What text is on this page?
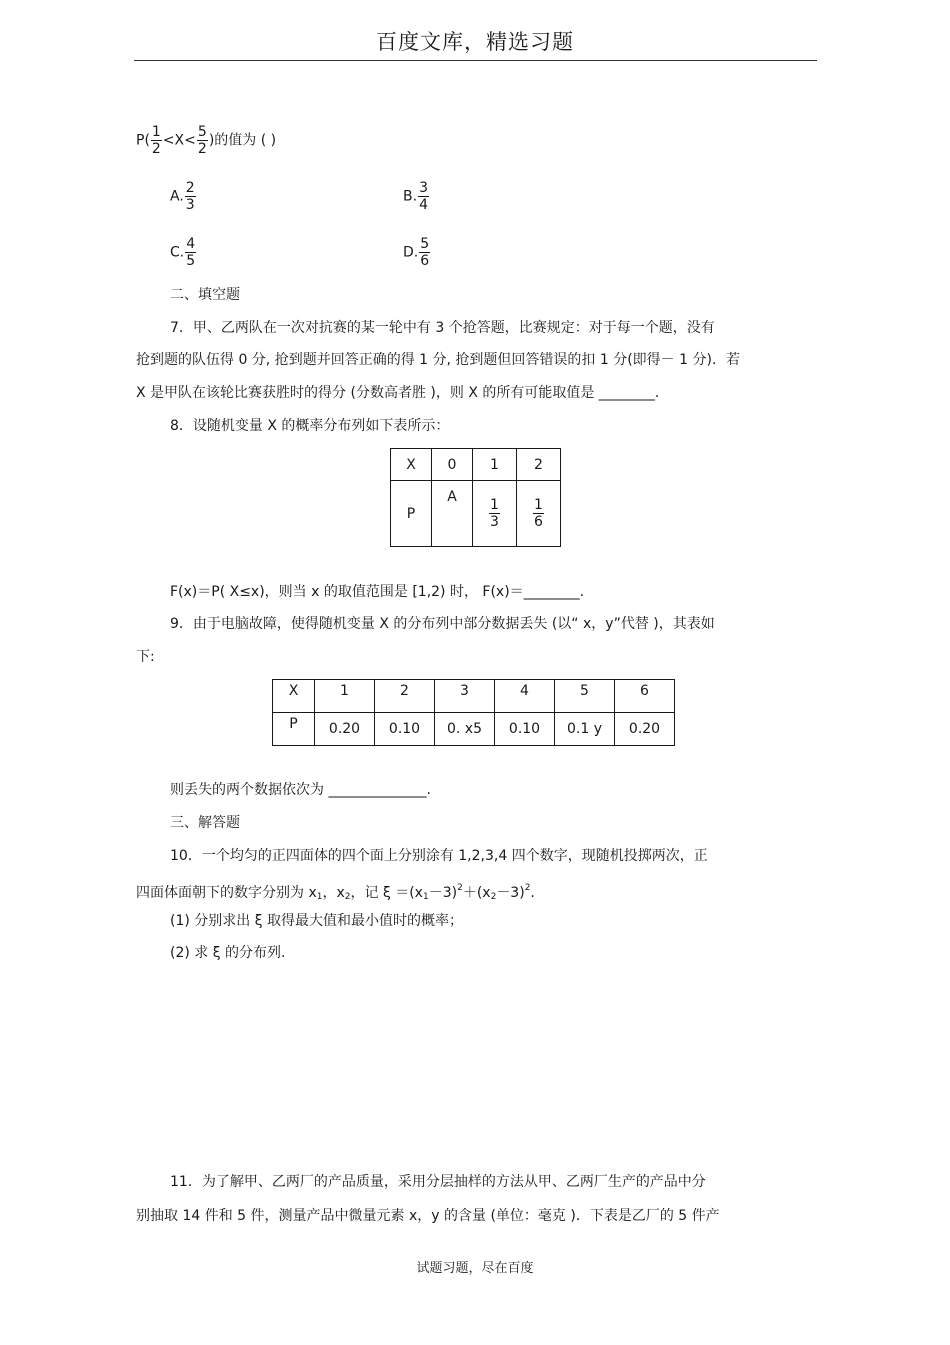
百度文库，精选习题
$P( \frac{1}{2} <X< \frac{5}{2}$ )的值为 ( )
A. $\frac{2}{3}$	B. $\frac{3}{4}$
C. $\frac{4}{5}$	D. $\frac{5}{6}$
二、填空题
7．甲、乙两队在一次对抗赛的某一轮中有 3 个抢答题，比赛规定：对于每一个题，没有
抢到题的队伍得 0 分, 抢到题并回答正确的得 1 分, 抢到题但回答错误的扣 1 分(即得－ 1 分)．若
X 是甲队在该轮比赛获胜时的得分 (分数高者胜 )，则 X 的所有可能取值是 ________.
8．设随机变量 X 的概率分布列如下表所示：
X	0	1	2
P	A	$\frac{1}{3}$	$\frac{1}{6}$
F(x)＝P( X≤x)，则当 x 的取值范围是 [1,2) 时， F(x)＝________.
9．由于电脑故障，使得随机变量 X 的分布列中部分数据丢失 (以“ x，y”代替 )，其表如
下:
X	1	2	3	4	5	6
P	0.20	0.10	0. x5	0.10	0.1 y	0.20
则丢失的两个数据依次为 ______________.
三、解答题
10．一个均匀的正四面体的四个面上分别涂有 1,2,3,4 四个数字，现随机投掷两次，正
四面体面朝下的数字分别为 $x_1$，$x_2$，记 $\xi =(x_1-3)^2+(x_2-3)^2$.
(1) 分别求出 ξ 取得最大值和最小值时的概率；
(2) 求 ξ 的分布列.
11．为了解甲、乙两厂的产品质量，采用分层抽样的方法从甲、乙两厂生产的产品中分
别抽取 14 件和 5 件，测量产品中微量元素 x，y 的含量 (单位：毫克 )．下表是乙厂的 5 件产
试题习题，尽在百度
